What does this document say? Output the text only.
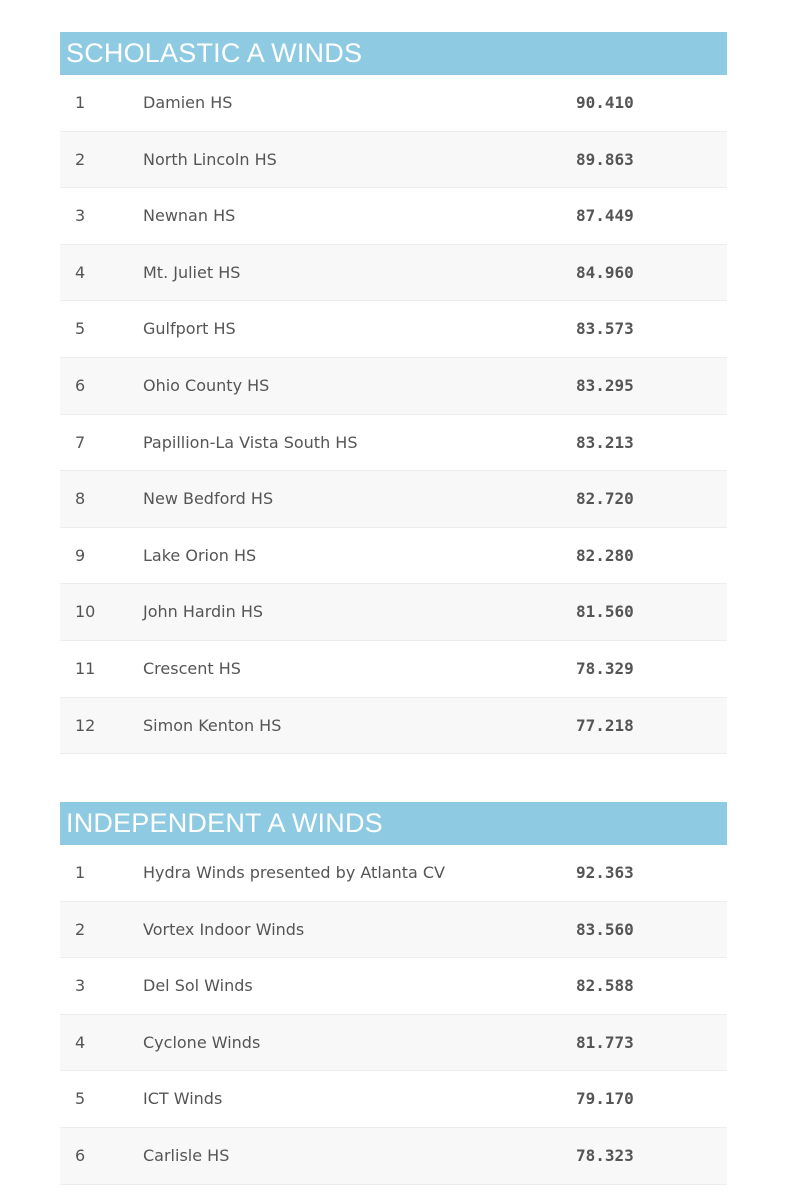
SCHOLASTIC A WINDS
1	Damien HS	90.410
2	North Lincoln HS	89.863
3	Newnan HS	87.449
4	Mt. Juliet HS	84.960
5	Gulfport HS	83.573
6	Ohio County HS	83.295
7	Papillion-La Vista South HS	83.213
8	New Bedford HS	82.720
9	Lake Orion HS	82.280
10	John Hardin HS	81.560
11	Crescent HS	78.329
12	Simon Kenton HS	77.218
INDEPENDENT A WINDS
1	Hydra Winds presented by Atlanta CV	92.363
2	Vortex Indoor Winds	83.560
3	Del Sol Winds	82.588
4	Cyclone Winds	81.773
5	ICT Winds	79.170
6	Carlisle HS	78.323
